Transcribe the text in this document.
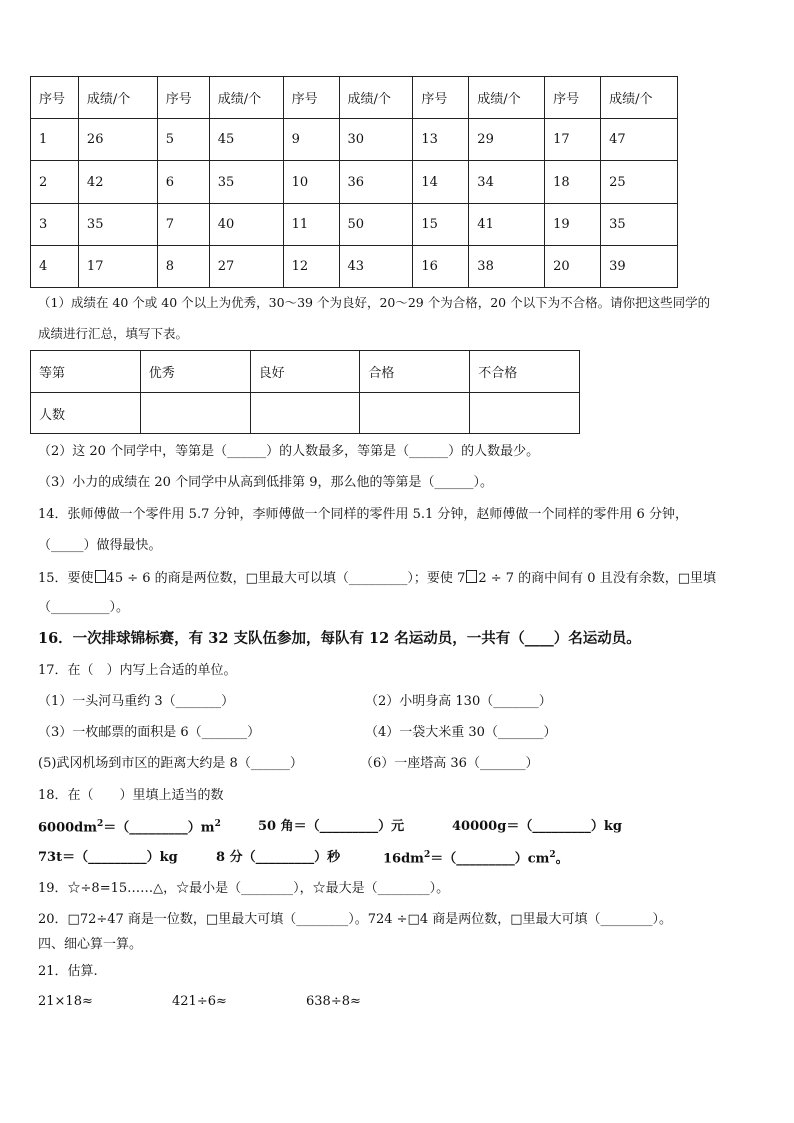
序号	成绩/个	序号	成绩/个	序号	成绩/个	序号	成绩/个	序号	成绩/个
1	26	5	45	9	30	13	29	17	47
2	42	6	35	10	36	14	34	18	25
3	35	7	40	11	50	15	41	19	35
4	17	8	27	12	43	16	38	20	39
（1）成绩在 40 个或 40 个以上为优秀，30～39 个为良好，20～29 个为合格，20 个以下为不合格。请你把这些同学的
成绩进行汇总，填写下表。
等第	优秀	良好	合格	不合格
人数				
（2）这 20 个同学中，等第是（______）的人数最多，等第是（______）的人数最少。
（3）小力的成绩在 20 个同学中从高到低排第 9，那么他的等第是（______）。
14．张师傅做一个零件用 5.7 分钟，李师傅做一个同样的零件用 5.1 分钟，赵师傅做一个同样的零件用 6 分钟，
（_____）做得最快。
15．要使 45 ÷ 6 的商是两位数，□里最大可以填（_________）；要使 7 2 ÷ 7 的商中间有 0 且没有余数，□里填
（_________）。
16．一次排球锦标赛，有 32 支队伍参加，每队有 12 名运动员，一共有（____）名运动员。
17．在（　）内写上合适的单位。
（1）一头河马重约 3（_______）	（2）小明身高 130（_______）
（3）一枚邮票的面积是 6（_______）	（4）一袋大米重 30（_______）
(5)武冈机场到市区的距离大约是 8（______）	（6）一座塔高 36（_______）
18．在（　　）里填上适当的数
$6000dm^2=(\_\_\_\_\_\_\_\_\_)m^2$	50 角＝（_________）元	40000g＝（_________）kg
73t＝（_________）kg	8 分（_________）秒	$16dm^2=(\_\_\_\_\_\_\_\_\_)cm^2$。
19．☆÷8=15……△，☆最小是（________），☆最大是（________）。
20．□72÷47 商是一位数，□里最大可填（________）。724 ÷□4 商是两位数，□里最大可填（________）。
四、细心算一算。
21．估算.
21×18≈	421÷6≈	638÷8≈
